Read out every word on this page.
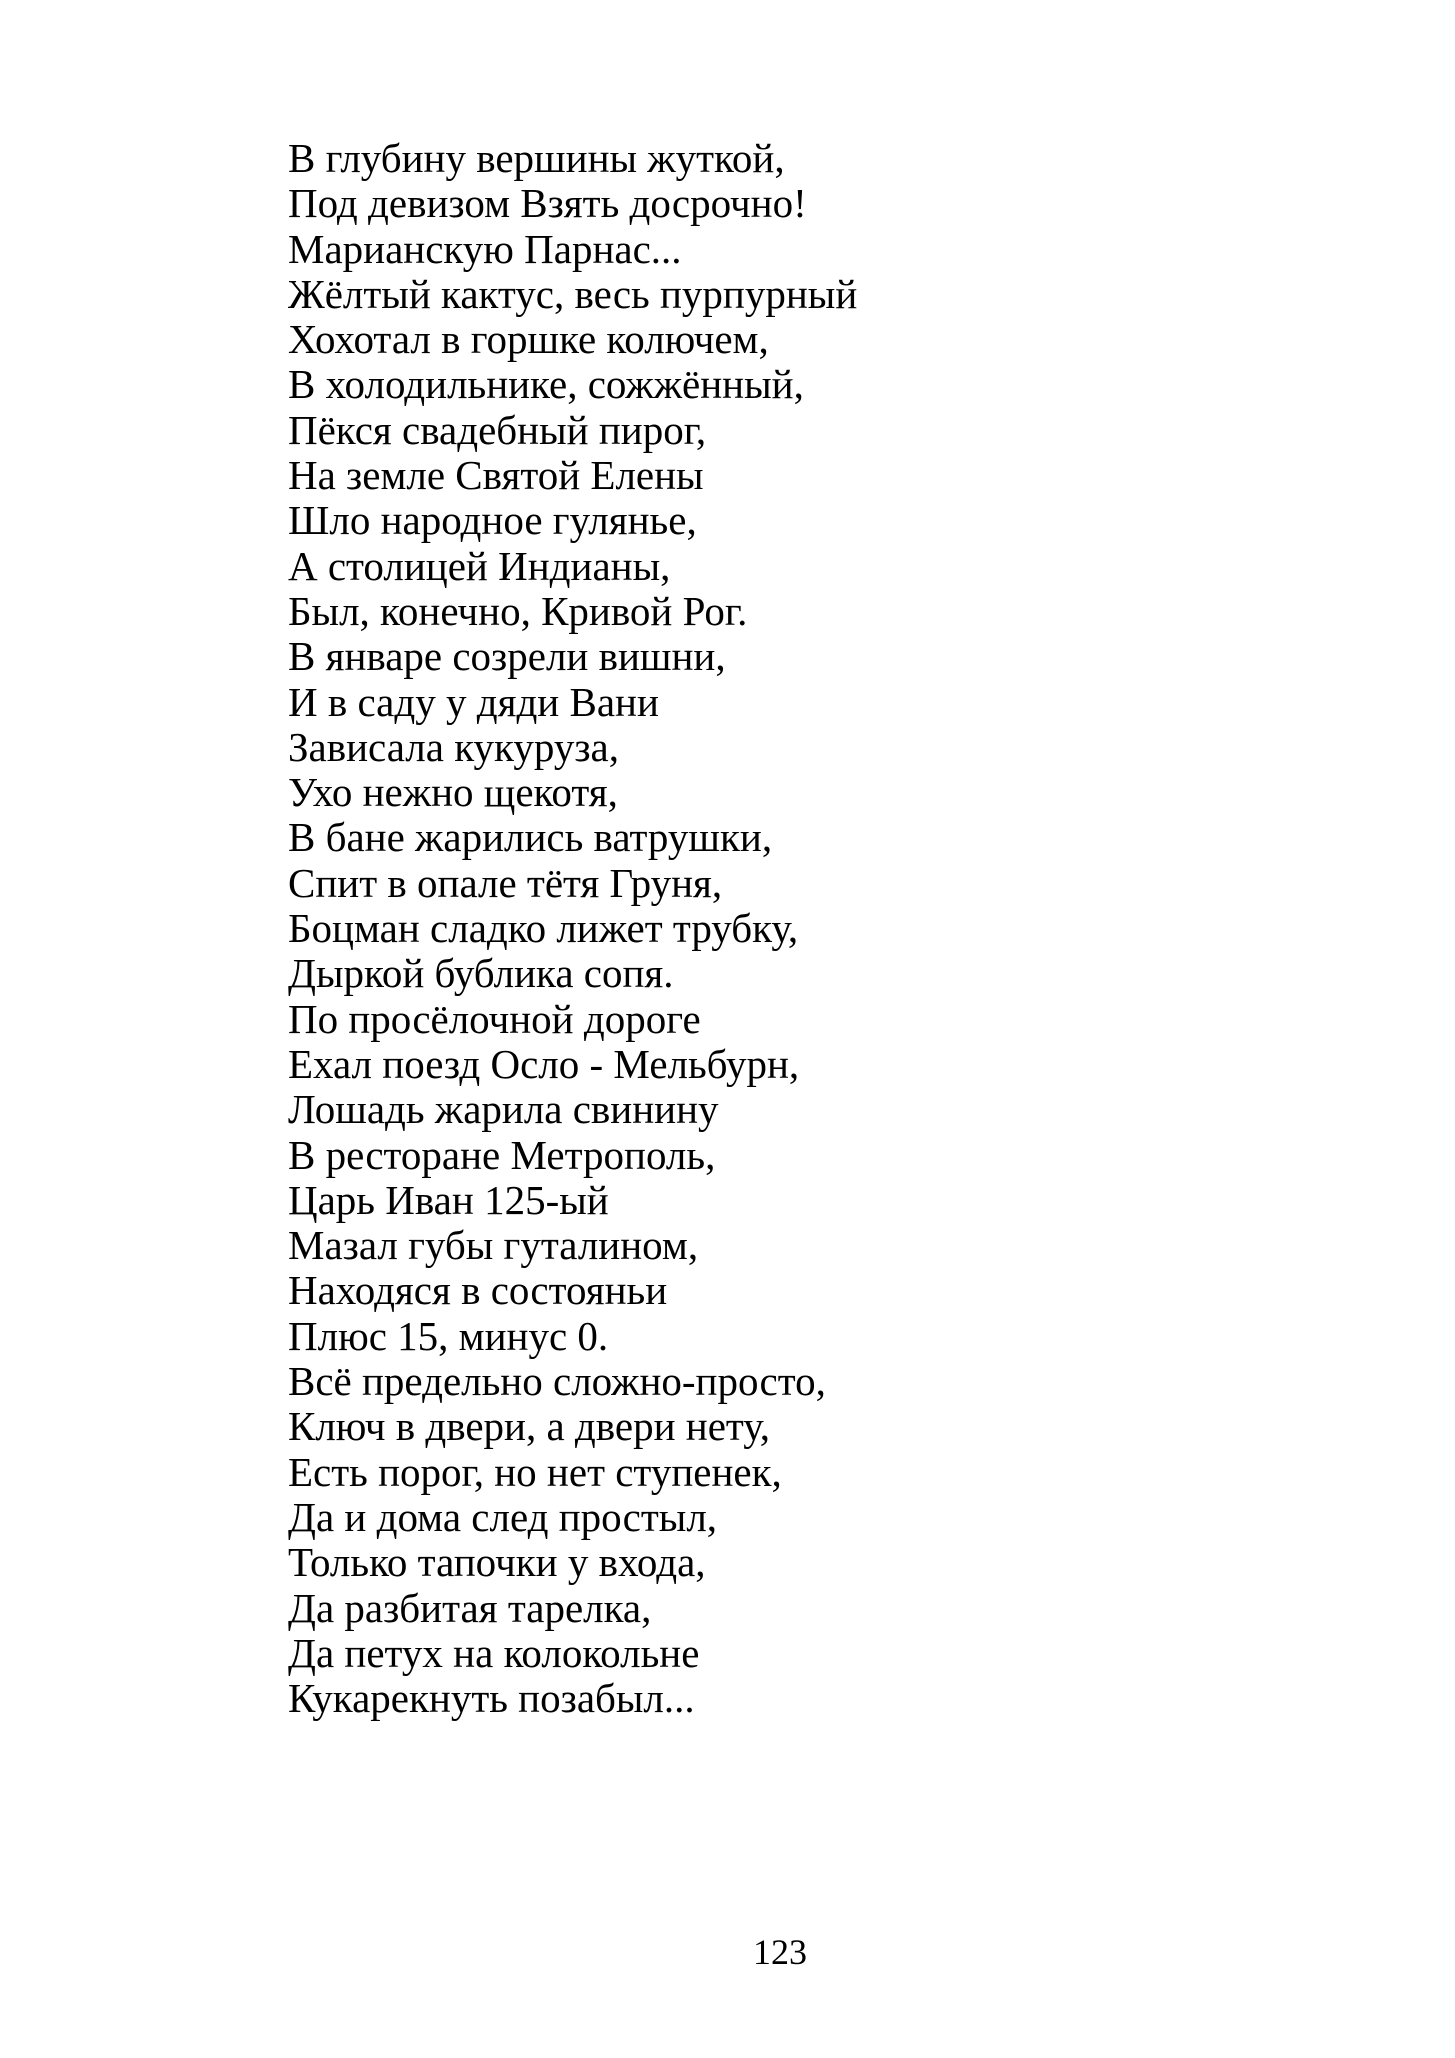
В глубину вершины жуткой,
Под девизом Взять досрочно!
Марианскую Парнас...
Жёлтый кактус, весь пурпурный
Хохотал в горшке колючем,
В холодильнике, сожжённый,
Пёкся свадебный пирог,
На земле Святой Елены
Шло народное гулянье,
А столицей Индианы,
Был, конечно, Кривой Рог.
В январе созрели вишни,
И в саду у дяди Вани
Зависала кукуруза,
Ухо нежно щекотя,
В бане жарились ватрушки,
Спит в опале тётя Груня,
Боцман сладко лижет трубку,
Дыркой бублика сопя.
По просёлочной дороге
Ехал поезд Осло - Мельбурн,
Лошадь жарила свинину
В ресторане Метрополь,
Царь Иван 125-ый
Мазал губы гуталином,
Находяся в состояньи
Плюс 15, минус 0.
Всё предельно сложно-просто,
Ключ в двери, а двери нету,
Есть порог, но нет ступенек,
Да и дома след простыл,
Только тапочки у входа,
Да разбитая тарелка,
Да петух на колокольне
Кукарекнуть позабыл...
123
